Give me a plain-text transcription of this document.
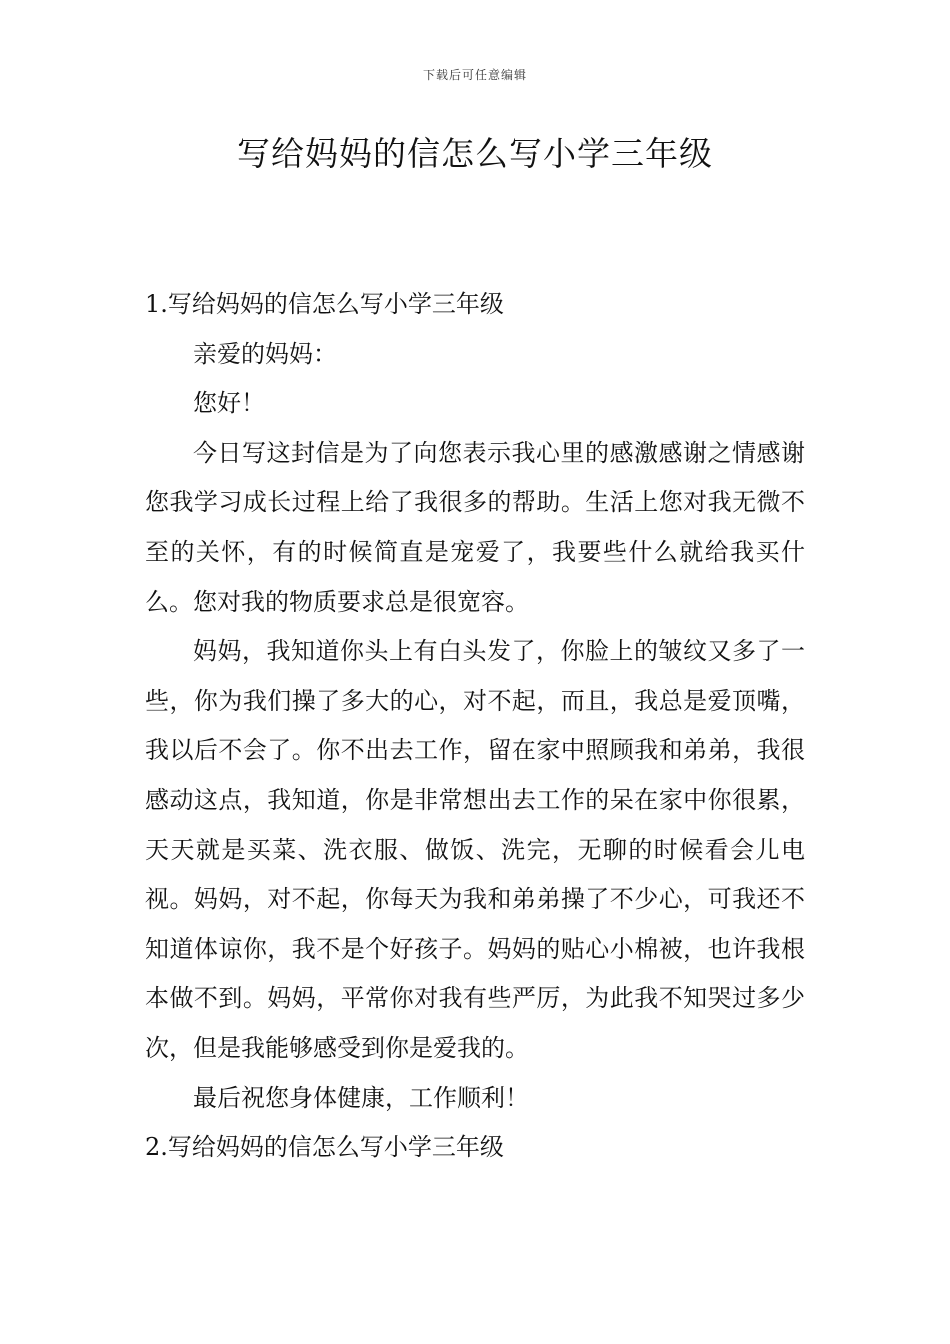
下载后可任意编辑
写给妈妈的信怎么写小学三年级

1.写给妈妈的信怎么写小学三年级

亲爱的妈妈：

您好！

今日写这封信是为了向您表示我心里的感激感谢之情感谢您我学习成长过程上给了我很多的帮助。生活上您对我无微不至的关怀，有的时候简直是宠爱了，我要些什么就给我买什么。您对我的物质要求总是很宽容。

妈妈，我知道你头上有白头发了，你脸上的皱纹又多了一些，你为我们操了多大的心，对不起，而且，我总是爱顶嘴，我以后不会了。你不出去工作，留在家中照顾我和弟弟，我很感动这点，我知道，你是非常想出去工作的呆在家中你很累，天天就是买菜、洗衣服、做饭、洗完，无聊的时候看会儿电视。妈妈，对不起，你每天为我和弟弟操了不少心，可我还不知道体谅你，我不是个好孩子。妈妈的贴心小棉被，也许我根本做不到。妈妈，平常你对我有些严厉，为此我不知哭过多少次，但是我能够感受到你是爱我的。

最后祝您身体健康，工作顺利！

2.写给妈妈的信怎么写小学三年级
